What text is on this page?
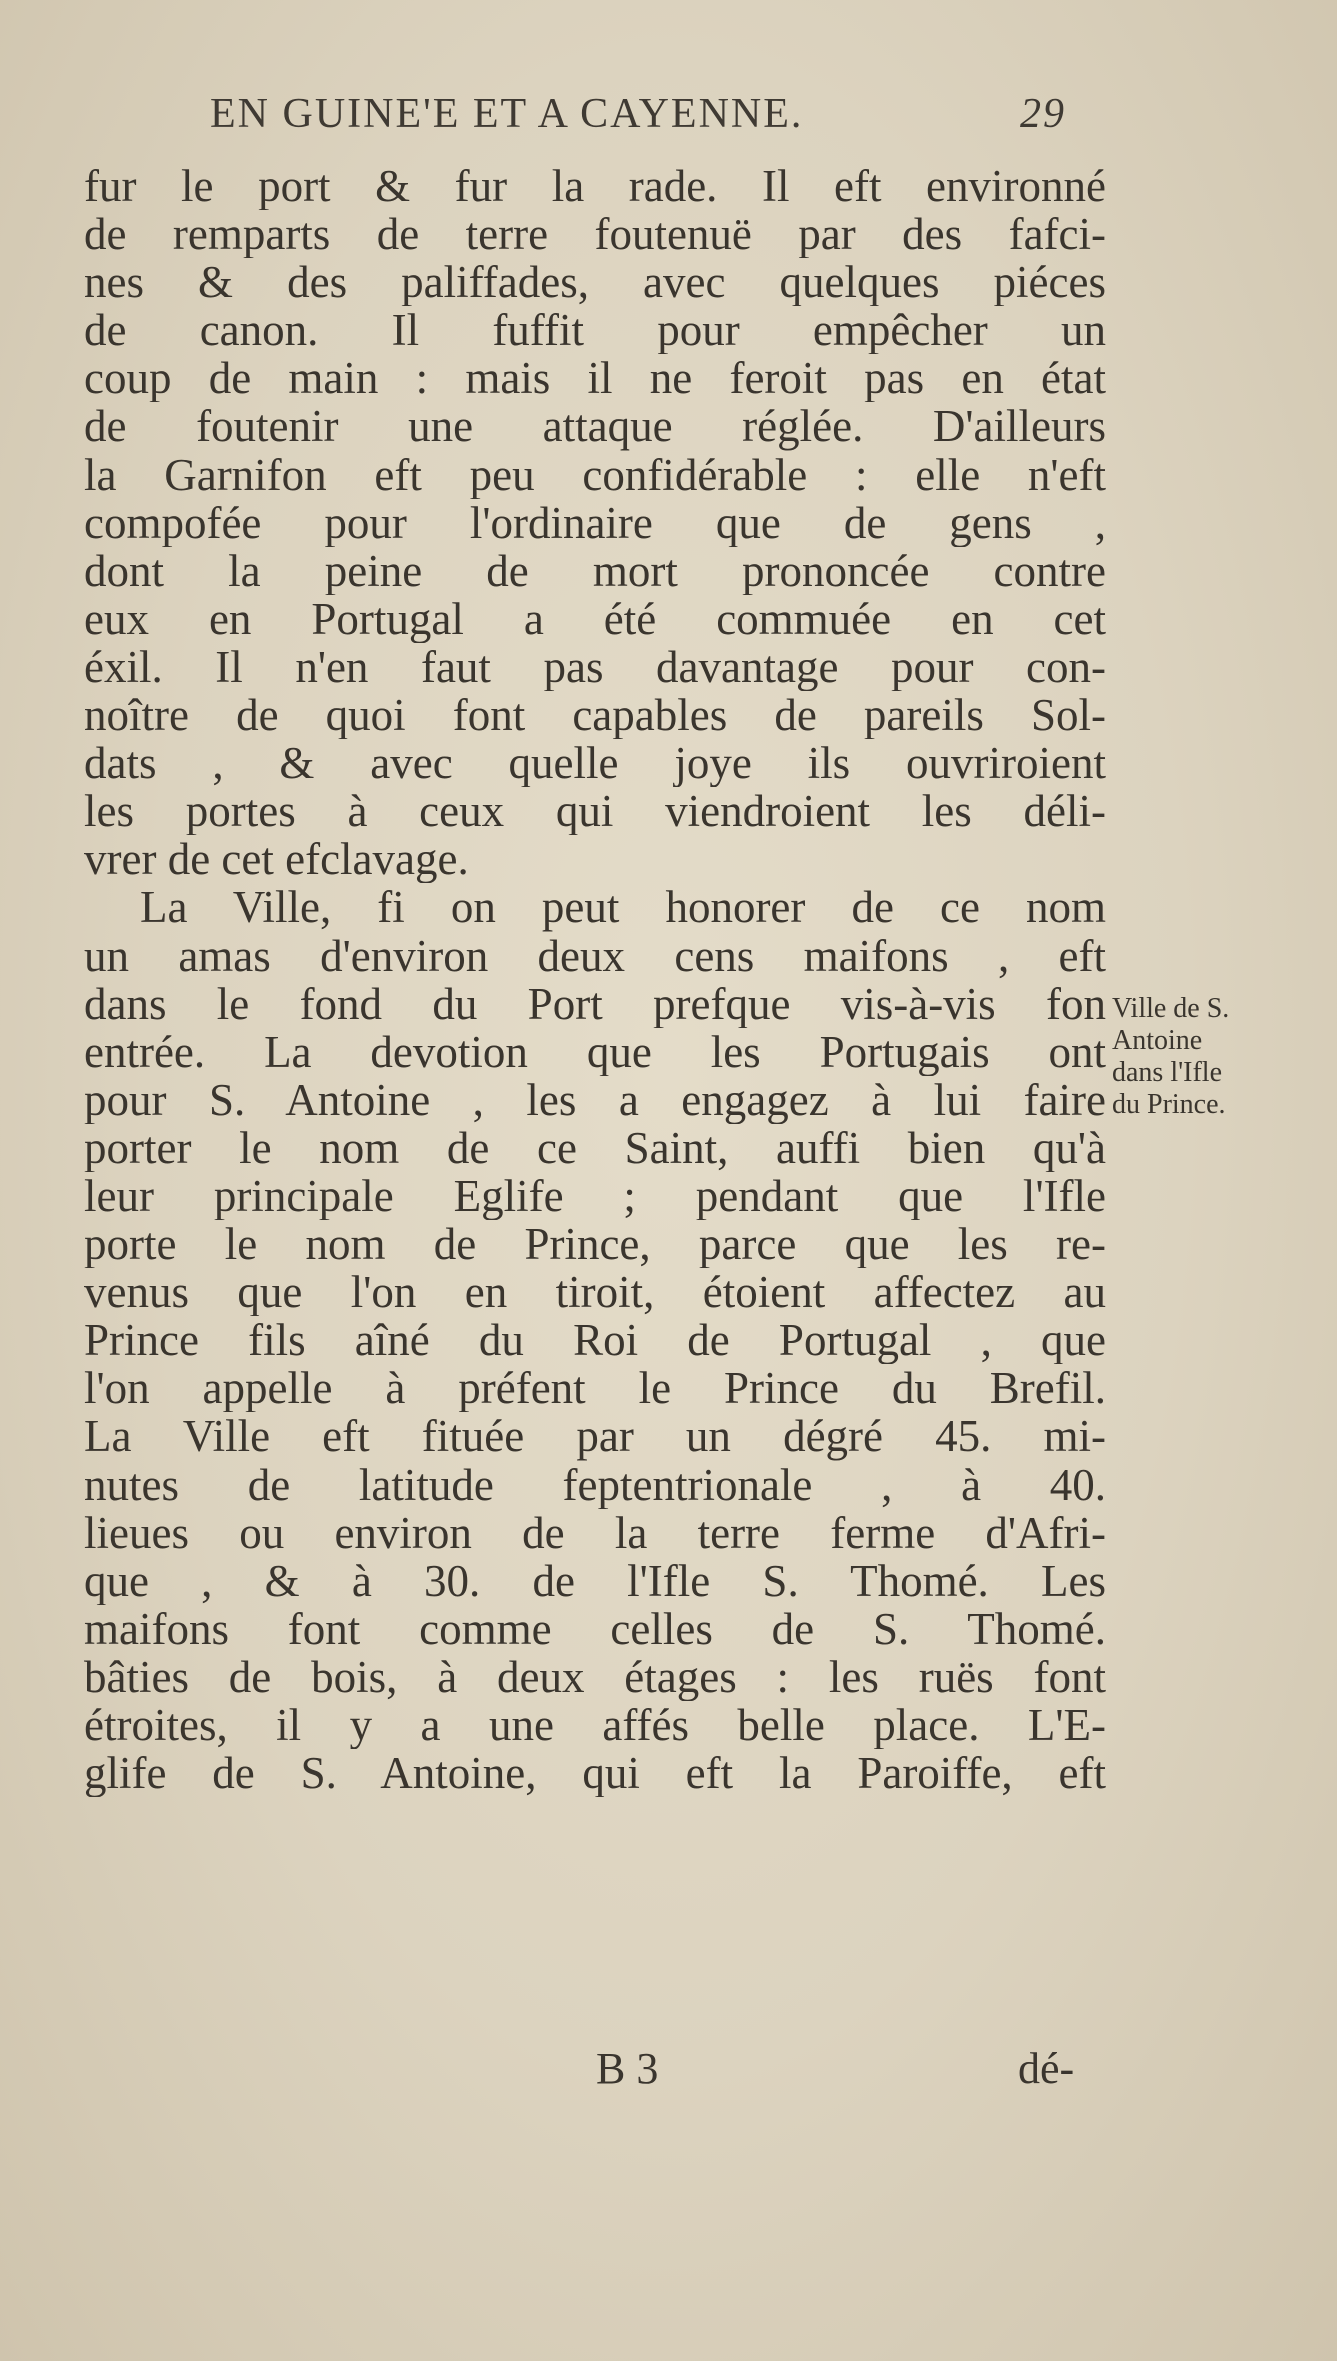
EN GUINE'E ET A CAYENNE.	29
fur le port & fur la rade. Il eft environné
de remparts de terre foutenuë par des fafci-
nes & des paliffades, avec quelques piéces
de canon. Il fuffit pour empêcher un
coup de main : mais il ne feroit pas en état
de foutenir une attaque réglée. D'ailleurs
la Garnifon eft peu confidérable : elle n'eft
compofée pour l'ordinaire que de gens ,
dont la peine de mort prononcée contre
eux en Portugal a été commuée en cet
éxil. Il n'en faut pas davantage pour con-
noître de quoi font capables de pareils Sol-
dats , & avec quelle joye ils ouvriroient
les portes à ceux qui viendroient les déli-
vrer de cet efclavage.
La Ville, fi on peut honorer de ce nom
un amas d'environ deux cens maifons , eft
dans le fond du Port prefque vis-à-vis fon
entrée. La devotion que les Portugais ont
pour S. Antoine , les a engagez à lui faire
porter le nom de ce Saint, auffi bien qu'à
leur principale Eglife ; pendant que l'Ifle
porte le nom de Prince, parce que les re-
venus que l'on en tiroit, étoient affectez au
Prince fils aîné du Roi de Portugal , que
l'on appelle à préfent le Prince du Brefil.
La Ville eft fituée par un dégré 45. mi-
nutes de latitude feptentrionale , à 40.
lieues ou environ de la terre ferme d'Afri-
que , & à 30. de l'Ifle S. Thomé. Les
maifons font comme celles de S. Thomé.
bâties de bois, à deux étages : les ruës font
étroites, il y a une affés belle place. L'E-
glife de S. Antoine, qui eft la Paroiffe, eft
Ville de S.
Antoine
dans l'Ifle
du Prince.
B 3	dé-
